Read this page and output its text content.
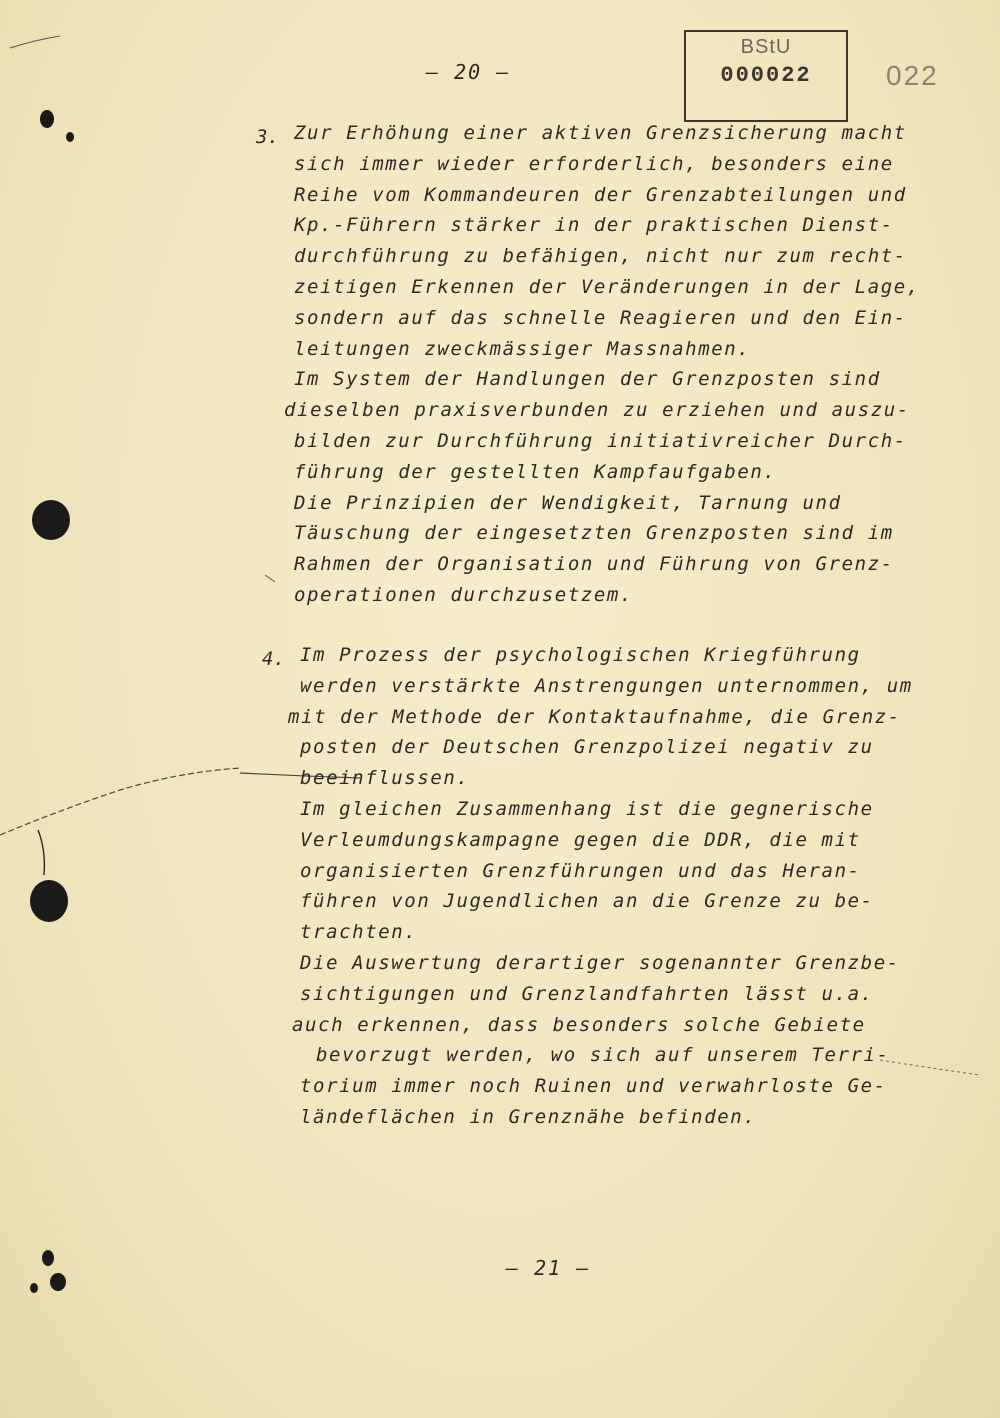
– 20 –
BStU
000022	022
3. Zur Erhöhung einer aktiven Grenzsicherung macht
sich immer wieder erforderlich, besonders eine
Reihe vom Kommandeuren der Grenzabteilungen und
Kp.-Führern stärker in der praktischen Dienst-
durchführung zu befähigen, nicht nur zum recht-
zeitigen Erkennen der Veränderungen in der Lage,
sondern auf das schnelle Reagieren und den Ein-
leitungen zweckmässiger Massnahmen.
Im System der Handlungen der Grenzposten sind
dieselben praxisverbunden zu erziehen und auszu-
bilden zur Durchführung initiativreicher Durch-
führung der gestellten Kampfaufgaben.
Die Prinzipien der Wendigkeit, Tarnung und
Täuschung der eingesetzten Grenzposten sind im
Rahmen der Organisation und Führung von Grenz-
operationen durchzusetzem.
4. Im Prozess der psychologischen Kriegführung
werden verstärkte Anstrengungen unternommen, um
mit der Methode der Kontaktaufnahme, die Grenz-
posten der Deutschen Grenzpolizei negativ zu
beeinflussen.
Im gleichen Zusammenhang ist die gegnerische
Verleumdungskampagne gegen die DDR, die mit
organisierten Grenzführungen und das Heran-
führen von Jugendlichen an die Grenze zu be-
trachten.
Die Auswertung derartiger sogenannter Grenzbe-
sichtigungen und Grenzlandfahrten lässt u.a.
auch erkennen, dass besonders solche Gebiete
bevorzugt werden, wo sich auf unserem Terri-
torium immer noch Ruinen und verwahrloste Ge-
ländeflächen in Grenznähe befinden.
– 21 –
